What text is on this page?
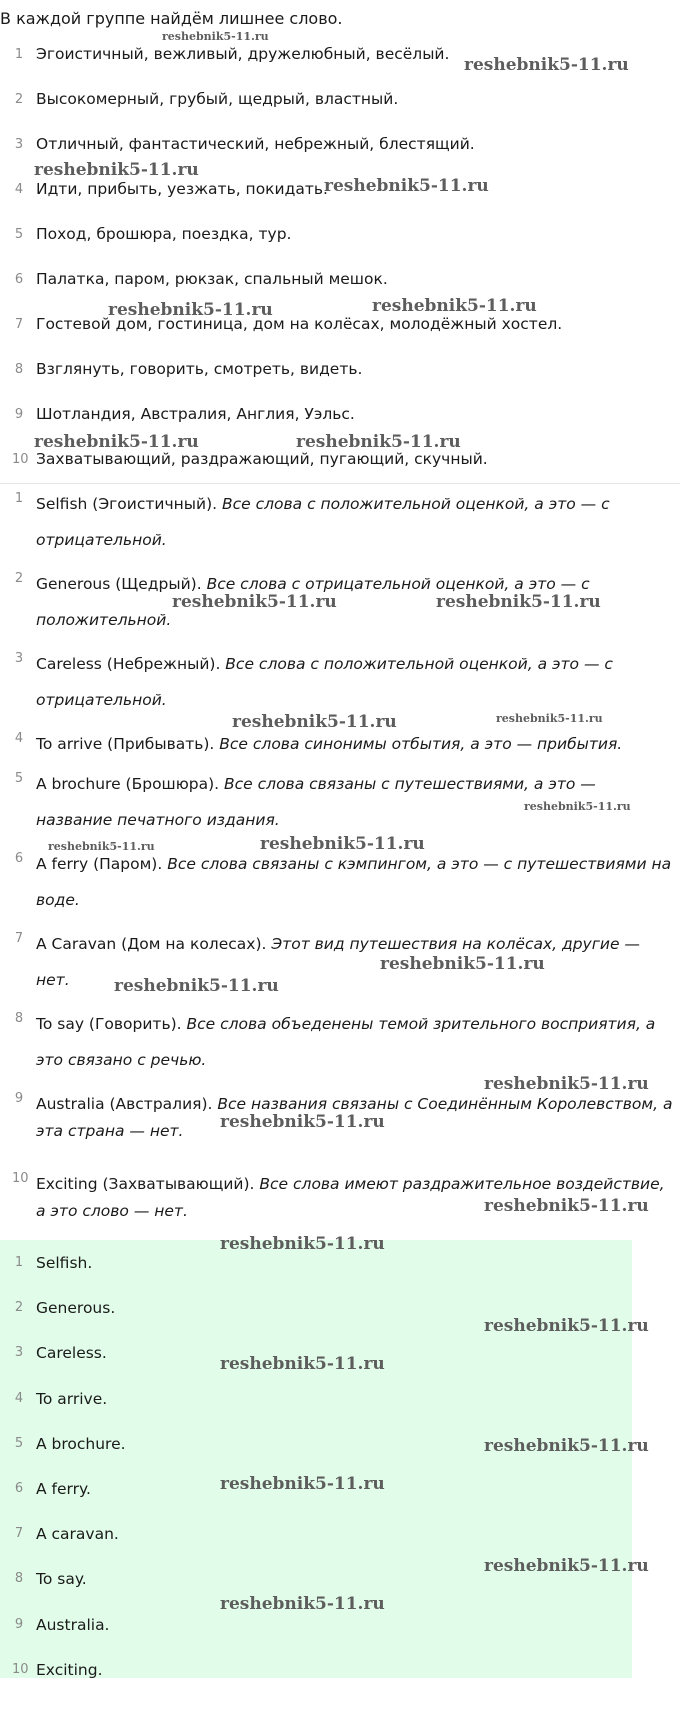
В каждой группе найдём лишнее слово.
1 Эгоистичный, вежливый, дружелюбный, весёлый.
2 Высокомерный, грубый, щедрый, властный.
3 Отличный, фантастический, небрежный, блестящий.
4 Идти, прибыть, уезжать, покидать.
5 Поход, брошюра, поездка, тур.
6 Палатка, паром, рюкзак, спальный мешок.
7 Гостевой дом, гостиница, дом на колёсах, молодёжный хостел.
8 Взглянуть, говорить, смотреть, видеть.
9 Шотландия, Австралия, Англия, Уэльс.
10 Захватывающий, раздражающий, пугающий, скучный.
1 Selfish (Эгоистичный). Все слова с положительной оценкой, а это — с отрицательной.
2 Generous (Щедрый). Все слова с отрицательной оценкой, а это — с положительной.
3 Careless (Небрежный). Все слова с положительной оценкой, а это — с отрицательной.
4 To arrive (Прибывать). Все слова синонимы отбытия, а это — прибытия.
5 A brochure (Брошюра). Все слова связаны с путешествиями, а это — название печатного издания.
6 A ferry (Паром). Все слова связаны с кэмпингом, а это — с путешествиями на воде.
7 A Caravan (Дом на колесах). Этот вид путешествия на колёсах, другие — нет.
8 To say (Говорить). Все слова объеденены темой зрительного восприятия, а это связано с речью.
9 Australia (Австралия). Все названия связаны с Соединённым Королевством, а эта страна — нет.
10 Exciting (Захватывающий). Все слова имеют раздражительное воздействие, а это слово — нет.
1 Selfish.
2 Generous.
3 Careless.
4 To arrive.
5 A brochure.
6 A ferry.
7 A caravan.
8 To say.
9 Australia.
10 Exciting.
reshebnik5-11.ru
reshebnik5-11.ru
reshebnik5-11.ru
reshebnik5-11.ru
reshebnik5-11.ru	reshebnik5-11.ru
reshebnik5-11.ru	reshebnik5-11.ru
reshebnik5-11.ru	reshebnik5-11.ru
reshebnik5-11.ru	reshebnik5-11.ru
reshebnik5-11.ru
reshebnik5-11.ru	reshebnik5-11.ru
reshebnik5-11.ru
reshebnik5-11.ru
reshebnik5-11.ru
reshebnik5-11.ru
reshebnik5-11.ru
reshebnik5-11.ru
reshebnik5-11.ru
reshebnik5-11.ru
reshebnik5-11.ru
reshebnik5-11.ru
reshebnik5-11.ru
reshebnik5-11.ru
